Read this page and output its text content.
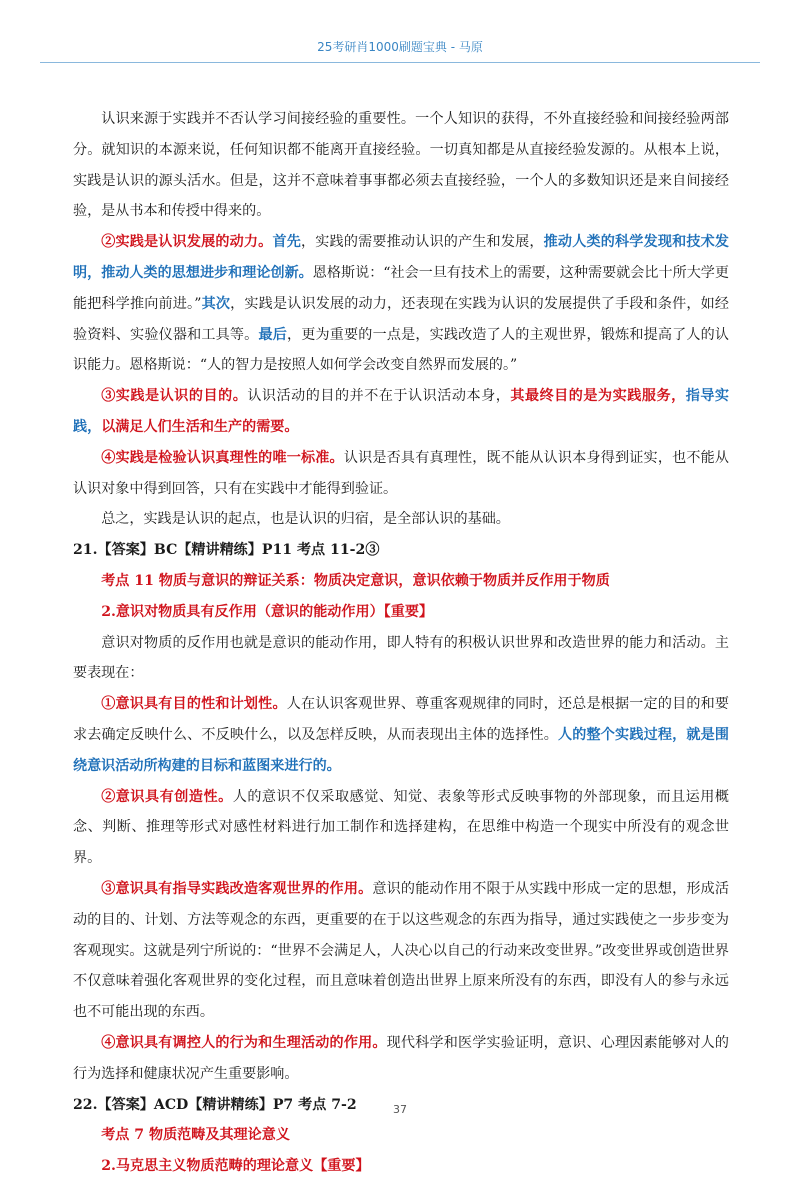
25考研肖1000刷题宝典 - 马原

认识来源于实践并不否认学习间接经验的重要性。一个人知识的获得，不外直接经验和间接经验两部分。就知识的本源来说，任何知识都不能离开直接经验。一切真知都是从直接经验发源的。从根本上说，实践是认识的源头活水。但是，这并不意味着事事都必须去直接经验，一个人的多数知识还是来自间接经验，是从书本和传授中得来的。

②实践是认识发展的动力。首先，实践的需要推动认识的产生和发展，推动人类的科学发现和技术发明，推动人类的思想进步和理论创新。恩格斯说：“社会一旦有技术上的需要，这种需要就会比十所大学更能把科学推向前进。”其次，实践是认识发展的动力，还表现在实践为认识的发展提供了手段和条件，如经验资料、实验仪器和工具等。最后，更为重要的一点是，实践改造了人的主观世界，锻炼和提高了人的认识能力。恩格斯说：“人的智力是按照人如何学会改变自然界而发展的。”

③实践是认识的目的。认识活动的目的并不在于认识活动本身，其最终目的是为实践服务，指导实践，以满足人们生活和生产的需要。

④实践是检验认识真理性的唯一标准。认识是否具有真理性，既不能从认识本身得到证实，也不能从认识对象中得到回答，只有在实践中才能得到验证。

总之，实践是认识的起点，也是认识的归宿，是全部认识的基础。

21.【答案】BC【精讲精练】P11 考点 11-2③

考点 11 物质与意识的辩证关系：物质决定意识，意识依赖于物质并反作用于物质

2.意识对物质具有反作用（意识的能动作用）【重要】

意识对物质的反作用也就是意识的能动作用，即人特有的积极认识世界和改造世界的能力和活动。主要表现在：

①意识具有目的性和计划性。人在认识客观世界、尊重客观规律的同时，还总是根据一定的目的和要求去确定反映什么、不反映什么，以及怎样反映，从而表现出主体的选择性。人的整个实践过程，就是围绕意识活动所构建的目标和蓝图来进行的。

②意识具有创造性。人的意识不仅采取感觉、知觉、表象等形式反映事物的外部现象，而且运用概念、判断、推理等形式对感性材料进行加工制作和选择建构，在思维中构造一个现实中所没有的观念世界。

③意识具有指导实践改造客观世界的作用。意识的能动作用不限于从实践中形成一定的思想，形成活动的目的、计划、方法等观念的东西，更重要的在于以这些观念的东西为指导，通过实践使之一步步变为客观现实。这就是列宁所说的：“世界不会满足人，人决心以自己的行动来改变世界。”改变世界或创造世界不仅意味着强化客观世界的变化过程，而且意味着创造出世界上原来所没有的东西，即没有人的参与永远也不可能出现的东西。

④意识具有调控人的行为和生理活动的作用。现代科学和医学实验证明，意识、心理因素能够对人的行为选择和健康状况产生重要影响。

22.【答案】ACD【精讲精练】P7 考点 7-2

考点 7 物质范畴及其理论意义

2.马克思主义物质范畴的理论意义【重要】

37
